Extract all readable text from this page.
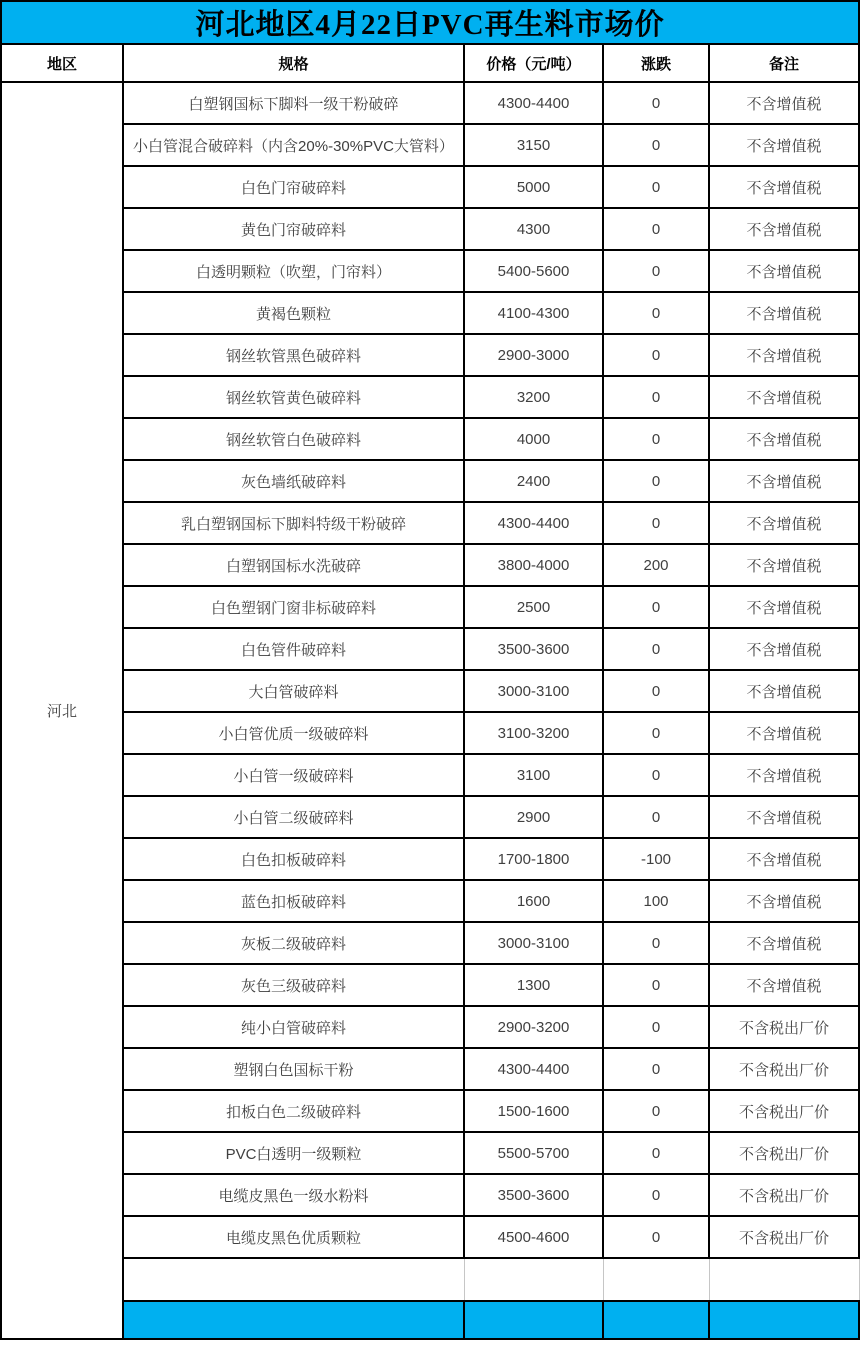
河北地区4月22日PVC再生料市场价				
地区	规格	价格（元/吨）	涨跌	备注
河北	白塑钢国标下脚料一级干粉破碎	4300-4400	0	不含增值税
	小白管混合破碎料（内含20%-30%PVC大管料）	3150	0	不含增值税
	白色门帘破碎料	5000	0	不含增值税
	黄色门帘破碎料	4300	0	不含增值税
	白透明颗粒（吹塑，门帘料）	5400-5600	0	不含增值税
	黄褐色颗粒	4100-4300	0	不含增值税
	钢丝软管黑色破碎料	2900-3000	0	不含增值税
	钢丝软管黄色破碎料	3200	0	不含增值税
	钢丝软管白色破碎料	4000	0	不含增值税
	灰色墙纸破碎料	2400	0	不含增值税
	乳白塑钢国标下脚料特级干粉破碎	4300-4400	0	不含增值税
	白塑钢国标水洗破碎	3800-4000	200	不含增值税
	白色塑钢门窗非标破碎料	2500	0	不含增值税
	白色管件破碎料	3500-3600	0	不含增值税
	大白管破碎料	3000-3100	0	不含增值税
	小白管优质一级破碎料	3100-3200	0	不含增值税
	小白管一级破碎料	3100	0	不含增值税
	小白管二级破碎料	2900	0	不含增值税
	白色扣板破碎料	1700-1800	-100	不含增值税
	蓝色扣板破碎料	1600	100	不含增值税
	灰板二级破碎料	3000-3100	0	不含增值税
	灰色三级破碎料	1300	0	不含增值税
	纯小白管破碎料	2900-3200	0	不含税出厂价
	塑钢白色国标干粉	4300-4400	0	不含税出厂价
	扣板白色二级破碎料	1500-1600	0	不含税出厂价
	PVC白透明一级颗粒	5500-5700	0	不含税出厂价
	电缆皮黑色一级水粉料	3500-3600	0	不含税出厂价
	电缆皮黑色优质颗粒	4500-4600	0	不含税出厂价
